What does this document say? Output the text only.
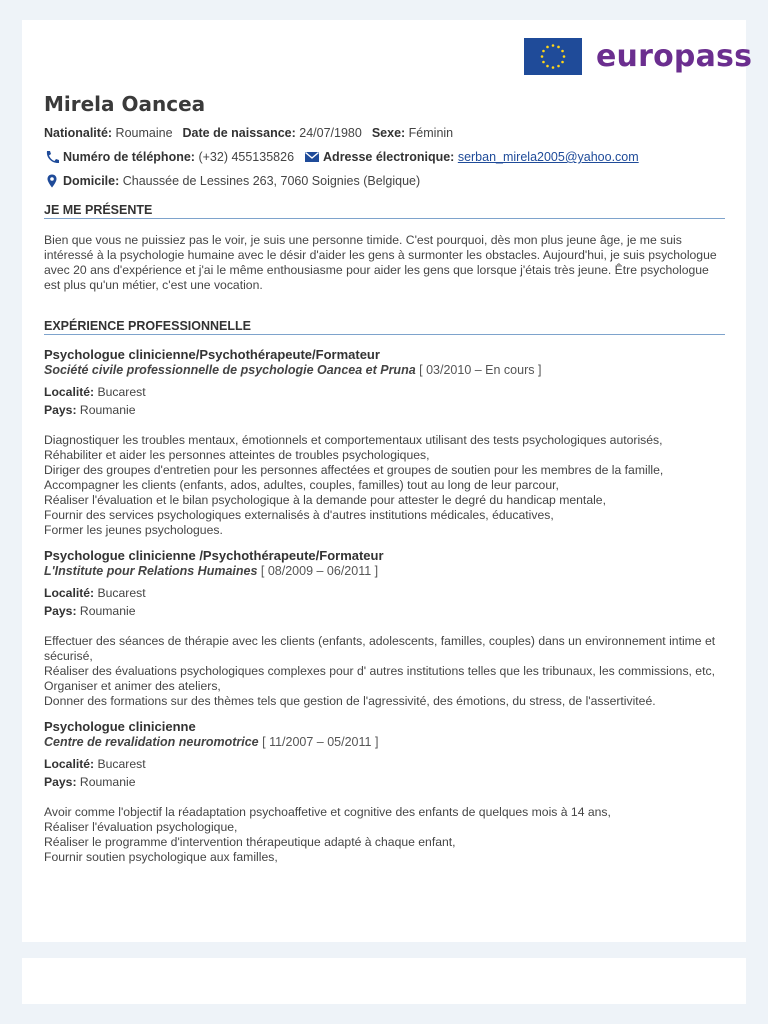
europass
Mirela Oancea
Nationalité:
Roumaine Date de naissance:
24/07/1980 Sexe:
Féminin
Numéro de téléphone:
(+32) 455135826 Adresse électronique:
serban_mirela2005@yahoo.com
Domicile:
Chaussée de Lessines 263, 7060 Soignies (Belgique)
JE ME PRÉSENTE

Bien que vous ne puissiez pas le voir, je suis une personne timide. C'est pourquoi, dès mon plus jeune âge, je me suis intéressé à la psychologie humaine avec le désir d'aider les gens à surmonter les obstacles. Aujourd'hui, je suis psychologue avec 20 ans d'expérience et j'ai le même enthousiasme pour aider les gens que lorsque j'étais très jeune. Être psychologue est plus qu'un métier, c'est une vocation.

EXPÉRIENCE PROFESSIONNELLE

Psychologue clinicienne/Psychothérapeute/Formateur

Société civile professionnelle de psychologie Oancea et Pruna [ 03/2010 – En cours ]

Localité: Bucarest

Pays: Roumanie

Diagnostiquer les troubles mentaux, émotionnels et comportementaux utilisant des tests psychologiques autorisés,
Réhabiliter et aider les personnes atteintes de troubles psychologiques,
Diriger des groupes d'entretien pour les personnes affectées et groupes de soutien pour les membres de la famille,
Accompagner les clients (enfants, ados, adultes, couples, familles) tout au long de leur parcour,
Réaliser l'évaluation et le bilan psychologique à la demande pour attester le degré du handicap mentale,
Fournir des services psychologiques externalisés à d'autres institutions médicales, éducatives,
Former les jeunes psychologues.

Psychologue clinicienne /Psychothérapeute/Formateur

L'Institute pour Relations Humaines [ 08/2009 – 06/2011 ]

Localité: Bucarest

Pays: Roumanie

Effectuer des séances de thérapie avec les clients (enfants, adolescents, familles, couples) dans un environnement intime et sécurisé,
Réaliser des évaluations psychologiques complexes pour d' autres institutions telles que les tribunaux, les commissions, etc,
Organiser et animer des ateliers,
Donner des formations sur des thèmes tels que gestion de l'agressivité, des émotions, du stress, de l'assertiviteé.

Psychologue clinicienne

Centre de revalidation neuromotrice [ 11/2007 – 05/2011 ]

Localité: Bucarest

Pays: Roumanie

Avoir comme l'objectif la réadaptation psychoaffetive et cognitive des enfants de quelques mois à 14 ans,
Réaliser l'évaluation psychologique,
Réaliser le programme d'intervention thérapeutique adapté à chaque enfant,
Fournir soutien psychologique aux familles,
